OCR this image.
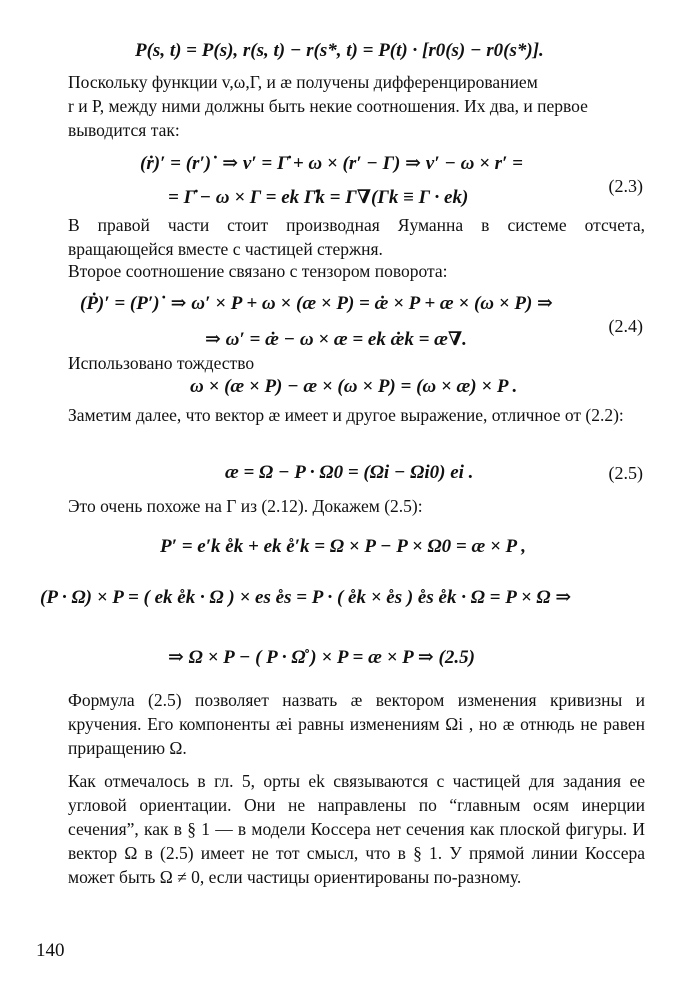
P(s, t) = P(s), r(s, t) − r(s*, t) = P(t) · [r0(s) − r0(s*)].

Поскольку функции v,ω,Γ, и æ получены дифференцированием

r и P, между ними должны быть некие соотношения. Их два, и первое

выводится так:

(ṙ)′ = (r′)˙ ⇒ v′ = Γ̇ + ω × (r′ − Γ) ⇒ v′ − ω × r′ =
= Γ̇ − ω × Γ = ek Γ̇k = Γ∇(Γk ≡ Γ · ek)
(2.3)

В правой части стоит производная Яуманна в системе отсчета, вращающейся вместе с частицей стержня.

Второе соотношение связано с тензором поворота:

(Ṗ)′ = (P′)˙ ⇒ ω′ × P + ω × (æ × P) = æ̇ × P + æ × (ω × P) ⇒
⇒ ω′ = æ̇ − ω × æ = ek æ̇k = æ∇.
(2.4)

Использовано тождество

ω × (æ × P) − æ × (ω × P) = (ω × æ) × P .

Заметим далее, что вектор æ имеет и другое выражение, отличное от (2.2):

æ = Ω − P · Ω0 = (Ωi − Ωi0) ei .	(2.5)

Это очень похоже на Γ из (2.12). Докажем (2.5):

P′ = e′k e̊k + ek e̊′k = Ω × P − P × Ω0 = æ × P ,
(P · Ω) × P = ( ek e̊k · Ω ) × es e̊s = P · ( e̊k × e̊s ) e̊s e̊k · Ω = P × Ω ⇒
⇒ Ω × P − ( P · Ω̊ ) × P = æ × P ⇒ (2.5)

Формула (2.5) позволяет назвать æ вектором изменения кривизны и кручения. Его компоненты æi равны изменениям Ωi , но æ отнюдь не равен приращению Ω.

Как отмечалось в гл. 5, орты ek связываются с частицей для задания ее угловой ориентации. Они не направлены по “главным осям инерции сечения”, как в § 1 — в модели Коссера нет сечения как плоской фигуры. И вектор Ω в (2.5) имеет не тот смысл, что в § 1. У прямой линии Коссера может быть Ω ≠ 0, если частицы ориентированы по-разному.

140
